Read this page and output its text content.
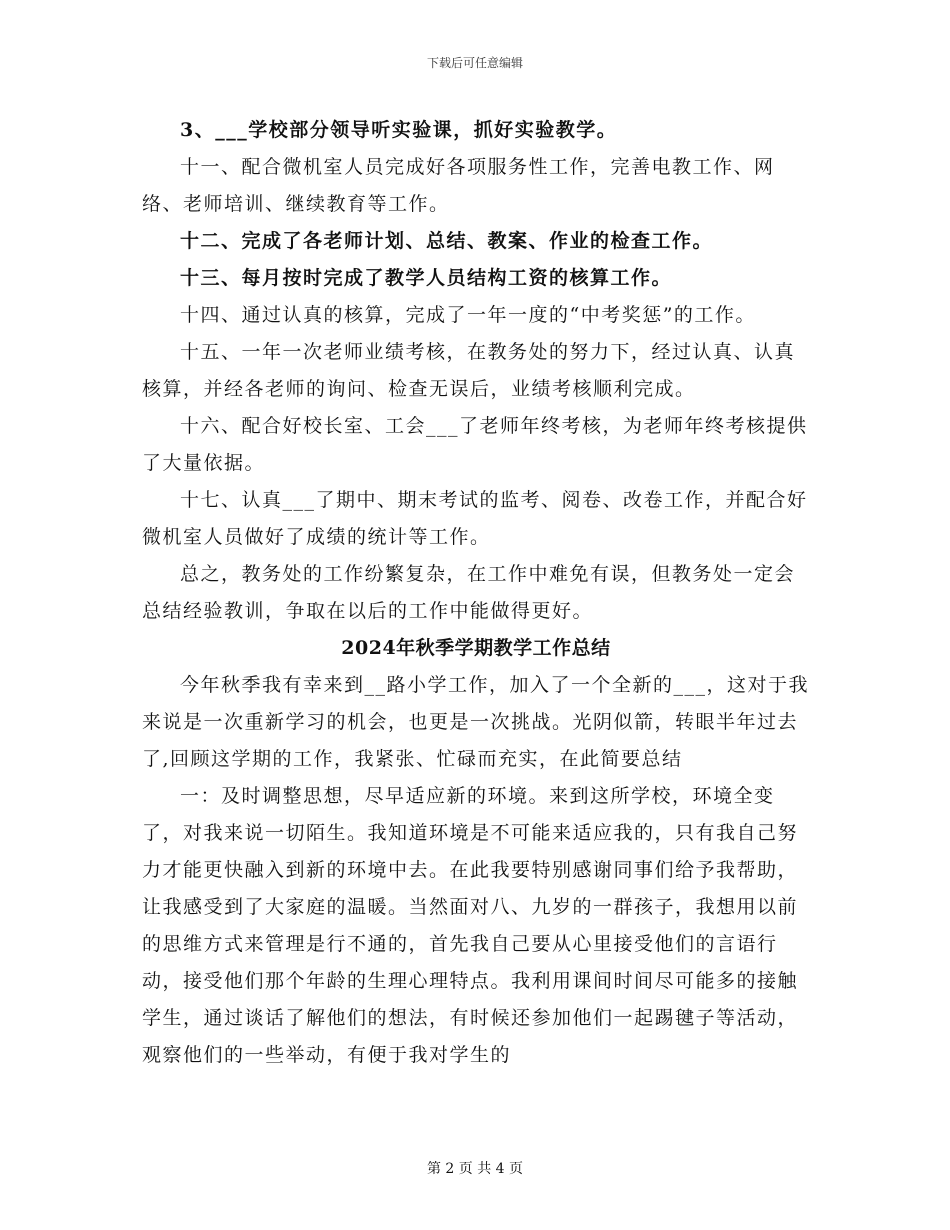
下载后可任意编辑

3、___学校部分领导听实验课，抓好实验教学。

十一、配合微机室人员完成好各项服务性工作，完善电教工作、网络、老师培训、继续教育等工作。

十二、完成了各老师计划、总结、教案、作业的检查工作。

十三、每月按时完成了教学人员结构工资的核算工作。

十四、通过认真的核算，完成了一年一度的“中考奖惩”的工作。

十五、一年一次老师业绩考核，在教务处的努力下，经过认真、认真核算，并经各老师的询问、检查无误后，业绩考核顺利完成。

十六、配合好校长室、工会___了老师年终考核，为老师年终考核提供了大量依据。

十七、认真___了期中、期末考试的监考、阅卷、改卷工作，并配合好微机室人员做好了成绩的统计等工作。

总之，教务处的工作纷繁复杂，在工作中难免有误，但教务处一定会总结经验教训，争取在以后的工作中能做得更好。

2024年秋季学期教学工作总结

今年秋季我有幸来到__路小学工作，加入了一个全新的___，这对于我来说是一次重新学习的机会，也更是一次挑战。光阴似箭，转眼半年过去了,回顾这学期的工作，我紧张、忙碌而充实，在此简要总结

一：及时调整思想，尽早适应新的环境。来到这所学校，环境全变了，对我来说一切陌生。我知道环境是不可能来适应我的，只有我自己努力才能更快融入到新的环境中去。在此我要特别感谢同事们给予我帮助，让我感受到了大家庭的温暖。当然面对八、九岁的一群孩子，我想用以前的思维方式来管理是行不通的，首先我自己要从心里接受他们的言语行动，接受他们那个年龄的生理心理特点。我利用课间时间尽可能多的接触学生，通过谈话了解他们的想法，有时候还参加他们一起踢毽子等活动，观察他们的一些举动，有便于我对学生的

第 2 页 共 4 页
